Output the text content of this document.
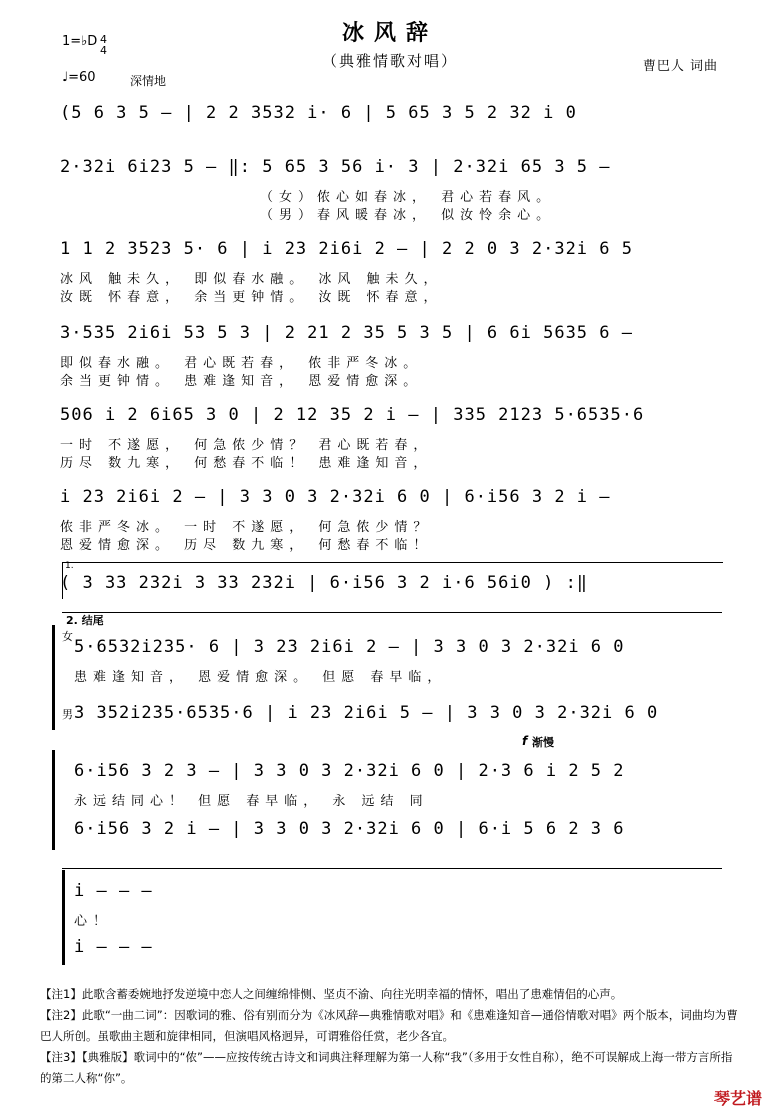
冰风辞
（典雅情歌对唱）	曹巴人 词曲
1=♭D 4
4
♩=60	深情地
(5 6 3 5 – | 2 2 3532 i· 6 | 5 65 3 5 2 32 i 0
2·32i 6i23 5 – ‖: 5 65 3 56 i· 3 | 2·32i 65 3 5 –
（女）侬心如春冰， 君心若春风。
（男）春风暖春冰， 似汝怜余心。
1 1 2 3523 5· 6 | i 23 2i6i 2 – | 2 2 0 3 2·32i 6 5
冰风 触未久， 即似春水融。 冰风 触未久，
汝既 怀春意， 余当更钟情。 汝既 怀春意，
3·535 2i6i 53 5 3 | 2 21 2 35 5 3 5 | 6 6i 5635 6 –
即似春水融。 君心既若春， 侬非严冬冰。
余当更钟情。 患难逢知音， 恩爱情愈深。
506 i 2 6i65 3 0 | 2 12 35 2 i – | 335 2123 5·6535·6
一时 不遂愿， 何急侬少情？ 君心既若春，
历尽 数九寒， 何愁春不临！ 患难逢知音，
i 23 2i6i 2 – | 3 3 0 3 2·32i 6 0 | 6·i56 3 2 i –
侬非严冬冰。 一时 不遂愿， 何急侬少情？
恩爱情愈深。 历尽 数九寒， 何愁春不临！
1.
( 3 33 232i 3 33 232i | 6·i56 3 2 i·6 56i0 ) :‖
2. 结尾
女
5·6532i235· 6 | 3 23 2i6i 2 – | 3 3 0 3 2·32i 6 0
患难逢知音， 恩爱情愈深。 但愿 春早临，
男 3 352i235·6535·6 | i 23 2i6i 5 – | 3 3 0 3 2·32i 6 0
f 渐慢
6·i56 3 2 3 – | 3 3 0 3 2·32i 6 0 | 2·3 6 i 2 5 2
永远结同心！ 但愿 春早临， 永 远结 同
6·i56 3 2 i – | 3 3 0 3 2·32i 6 0 | 6·i 5 6 2 3 6
i – – –
心！
i – – –

【注1】此歌含蓄委婉地抒发逆境中恋人之间缠绵悱恻、坚贞不渝、向往光明幸福的情怀，唱出了患难情侣的心声。

【注2】此歌“一曲二词”：因歌词的雅、俗有别而分为《冰风辞—典雅情歌对唱》和《患难逢知音—通俗情歌对唱》两个版本，词曲均为曹巴人所创。虽歌曲主题和旋律相同，但演唱风格迥异，可谓雅俗任赏，老少各宜。

【注3】【典雅版】歌词中的“侬”——应按传统古诗文和词典注释理解为第一人称“我”（多用于女性自称），绝不可误解成上海一带方言所指的第二人称“你”。

琴艺谱
